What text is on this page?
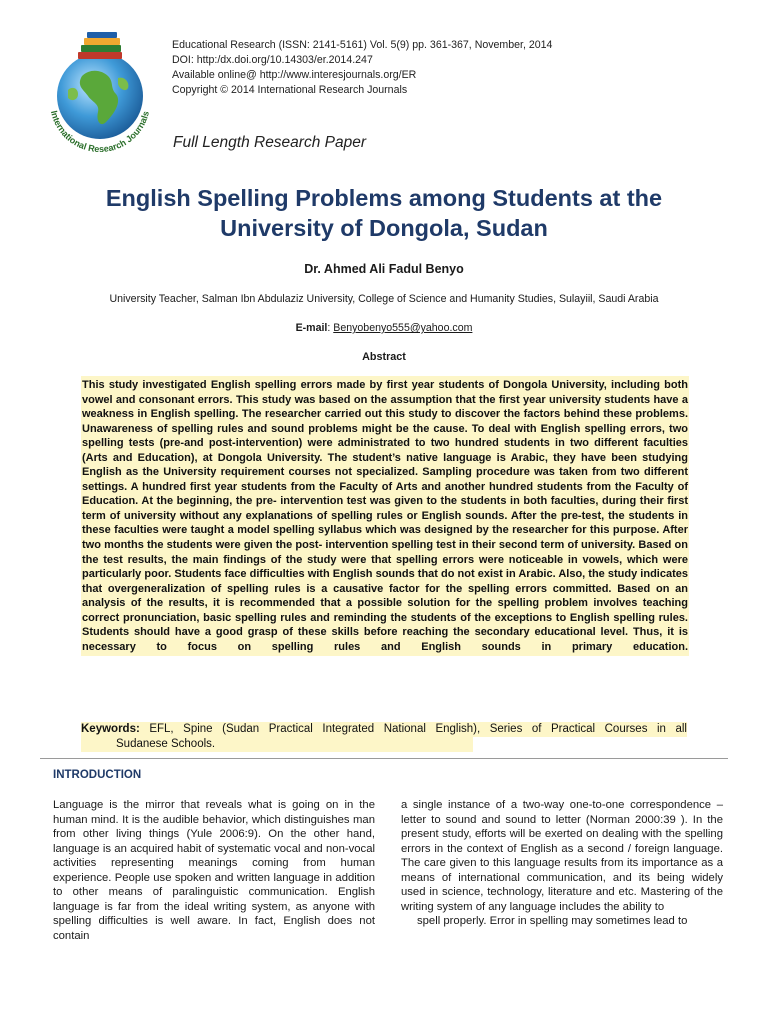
International Research Journals
Educational Research (ISSN: 2141-5161) Vol. 5(9) pp. 361-367, November, 2014
DOI: http:/dx.doi.org/10.14303/er.2014.247
Available online@ http://www.interesjournals.org/ER
Copyright © 2014 International Research Journals
Full Length Research Paper
English Spelling Problems among Students at the
University of Dongola, Sudan
Dr. Ahmed Ali Fadul Benyo
University Teacher, Salman Ibn Abdulaziz University, College of Science and Humanity Studies, Sulayiil, Saudi Arabia
E-mail: Benyobenyo555@yahoo.com
Abstract

This study investigated English spelling errors made by first year students of Dongola University, including both vowel and consonant errors. This study was based on the assumption that the first year university students have a weakness in English spelling. The researcher carried out this study to discover the factors behind these problems. Unawareness of spelling rules and sound problems might be the cause. To deal with English spelling errors, two spelling tests (pre-and post-intervention) were administrated to two hundred students in two different faculties (Arts and Education), at Dongola University. The student’s native language is Arabic, they have been studying English as the University requirement courses not specialized. Sampling procedure was taken from two different settings. A hundred first year students from the Faculty of Arts and another hundred students from the Faculty of Education. At the beginning, the pre- intervention test was given to the students in both faculties, during their first term of university without any explanations of spelling rules or English sounds. After the pre-test, the students in these faculties were taught a model spelling syllabus which was designed by the researcher for this purpose. After two months the students were given the post- intervention spelling test in their second term of university. Based on the test results, the main findings of the study were that spelling errors were noticeable in vowels, which were particularly poor. Students face difficulties with English sounds that do not exist in Arabic. Also, the study indicates that overgeneralization of spelling rules is a causative factor for the spelling errors committed. Based on an analysis of the results, it is recommended that a possible solution for the spelling problem involves teaching correct pronunciation, basic spelling rules and reminding the students of the exceptions to English spelling rules. Students should have a good grasp of these skills before reaching the secondary educational level. Thus, it is necessary to focus on spelling rules and English sounds in primary education.

Keywords: EFL, Spine (Sudan Practical Integrated National English), Series of Practical Courses in all
Sudanese Schools.
INTRODUCTION

Language is the mirror that reveals what is going on in the human mind. It is the audible behavior, which distinguishes man from other living things (Yule 2006:9). On the other hand, language is an acquired habit of systematic vocal and non-vocal activities representing meanings coming from human experience. People use spoken and written language in addition to other means of paralinguistic communication. English language is far from the ideal writing system, as anyone with spelling difficulties is well aware. In fact, English does not contain

a single instance of a two-way one-to-one correspondence – letter to sound and sound to letter (Norman 2000:39 ). In the present study, efforts will be exerted on dealing with the spelling errors in the context of English as a second / foreign language. The care given to this language results from its importance as a means of international communication, and its being widely used in science, technology, literature and etc. Mastering of the writing system of any language includes the ability to

spell properly. Error in spelling may sometimes lead to
